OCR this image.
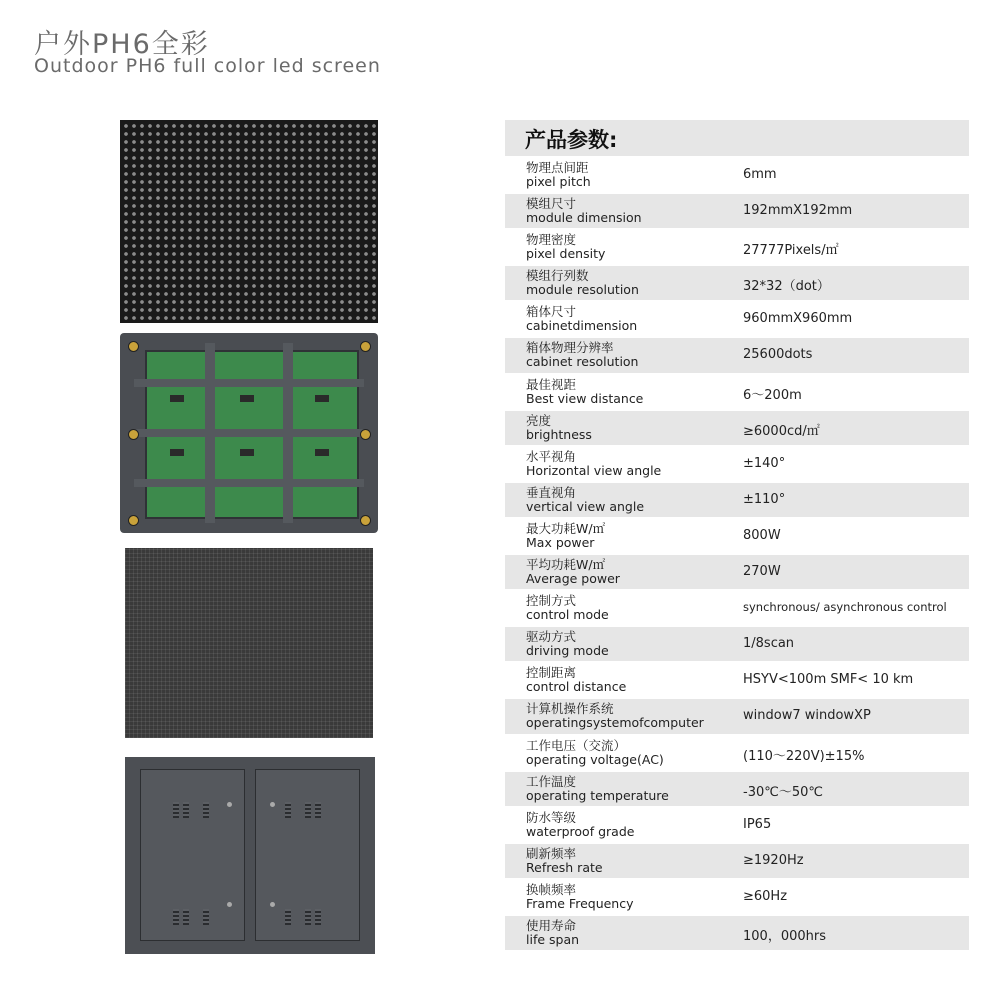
户外PH6全彩
Outdoor PH6 full color led screen
产品参数:
物理点间距
pixel pitch	6mm
模组尺寸
module dimension	192mmX192mm
物理密度
pixel density	27777Pixels/㎡
模组行列数
module resolution	32*32（dot）
箱体尺寸
cabinetdimension	960mmX960mm
箱体物理分辨率
cabinet resolution	25600dots
最佳视距
Best view distance	6～200m
亮度
brightness	≥6000cd/㎡
水平视角
Horizontal view angle	±140°
垂直视角
vertical view angle	±110°
最大功耗W/㎡
Max power	800W
平均功耗W/㎡
Average power	270W
控制方式
control mode	synchronous/ asynchronous control
驱动方式
driving mode	1/8scan
控制距离
control distance	HSYV<100m SMF< 10 km
计算机操作系统
operatingsystemofcomputer	window7 windowXP
工作电压（交流）
operating voltage(AC)	(110～220V)±15%
工作温度
operating temperature	-30℃～50℃
防水等级
waterproof grade	IP65
刷新频率
Refresh rate	≥1920Hz
换帧频率
Frame Frequency	≥60Hz
使用寿命
life span	100，000hrs
